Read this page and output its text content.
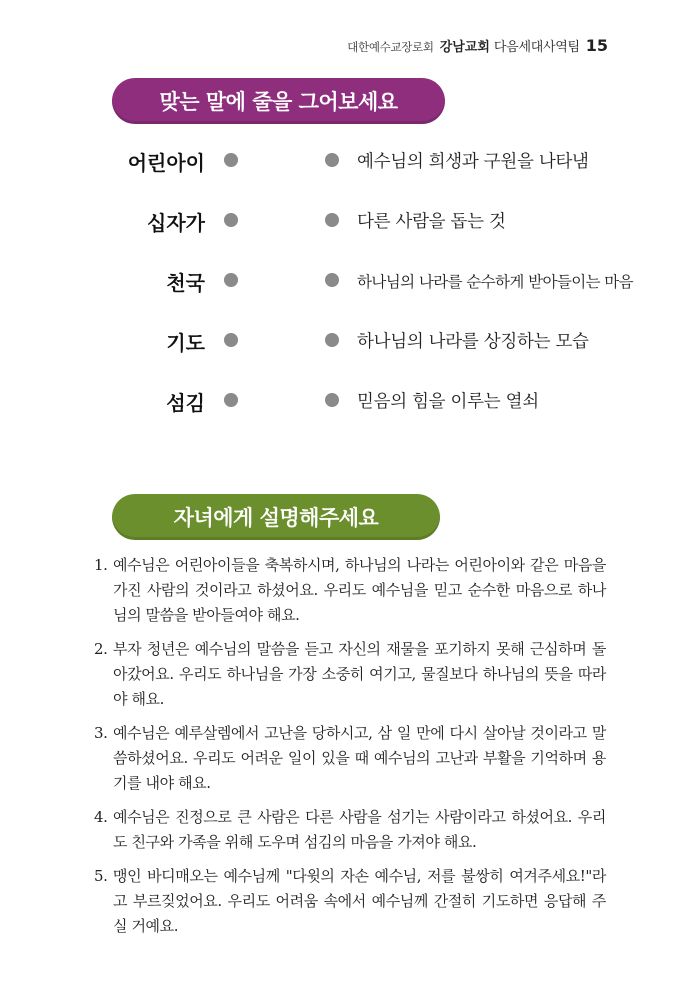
대한예수교장로회 강남교회 다음세대사역팀 15
맞는 말에 줄을 그어보세요
어린아이	예수님의 희생과 구원을 나타냄
십자가	다른 사람을 돕는 것
천국	하나님의 나라를 순수하게 받아들이는 마음
기도	하나님의 나라를 상징하는 모습
섬김	믿음의 힘을 이루는 열쇠
자녀에게 설명해주세요
1. 예수님은 어린아이들을 축복하시며, 하나님의 나라는 어린아이와 같은 마음을 가진 사람의 것이라고 하셨어요. 우리도 예수님을 믿고 순수한 마음으로 하나님의 말씀을 받아들여야 해요.
2. 부자 청년은 예수님의 말씀을 듣고 자신의 재물을 포기하지 못해 근심하며 돌아갔어요. 우리도 하나님을 가장 소중히 여기고, 물질보다 하나님의 뜻을 따라야 해요.
3. 예수님은 예루살렘에서 고난을 당하시고, 삼 일 만에 다시 살아날 것이라고 말씀하셨어요. 우리도 어려운 일이 있을 때 예수님의 고난과 부활을 기억하며 용기를 내야 해요.
4. 예수님은 진정으로 큰 사람은 다른 사람을 섬기는 사람이라고 하셨어요. 우리도 친구와 가족을 위해 도우며 섬김의 마음을 가져야 해요.
5. 맹인 바디매오는 예수님께 "다윗의 자손 예수님, 저를 불쌍히 여겨주세요!"라고 부르짖었어요. 우리도 어려움 속에서 예수님께 간절히 기도하면 응답해 주실 거예요.
